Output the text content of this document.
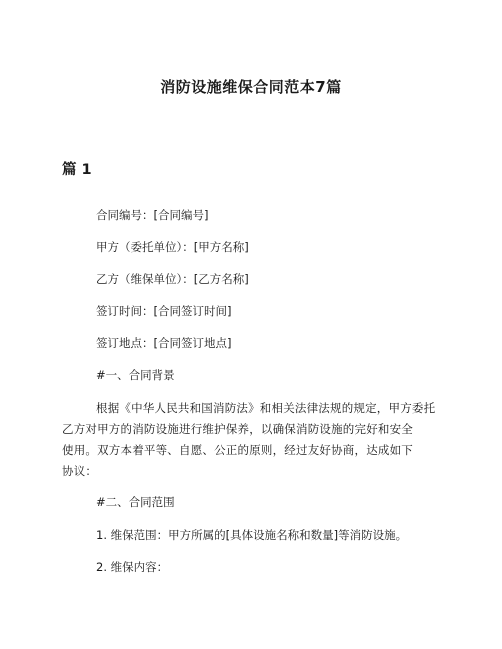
消防设施维保合同范本7篇
篇 1
合同编号：[合同编号]
甲方（委托单位）：[甲方名称]
乙方（维保单位）：[乙方名称]
签订时间：[合同签订时间]
签订地点：[合同签订地点]
#一、合同背景
根据《中华人民共和国消防法》和相关法律法规的规定，甲方委托
乙方对甲方的消防设施进行维护保养，以确保消防设施的完好和安全
使用。双方本着平等、自愿、公正的原则，经过友好协商，达成如下
协议：
#二、合同范围
1. 维保范围：甲方所属的[具体设施名称和数量]等消防设施。
2. 维保内容：
